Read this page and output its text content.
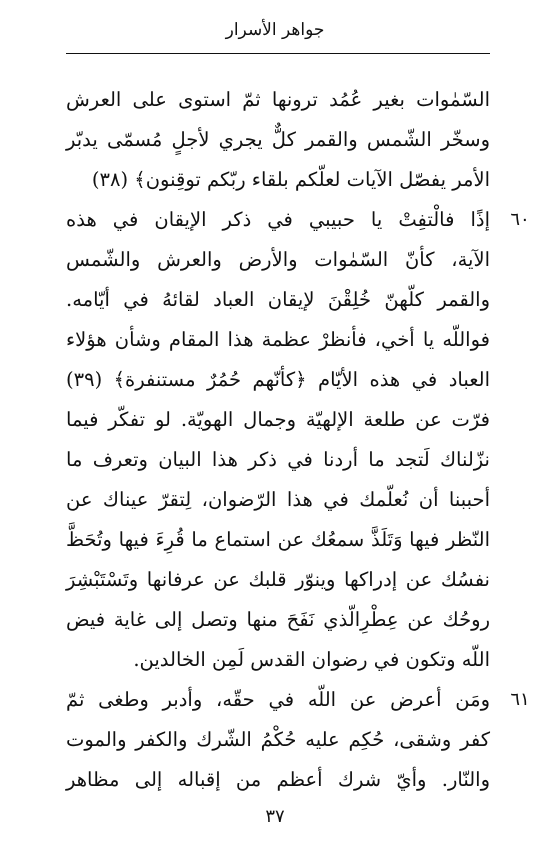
جواهر الأسرار
السّمٰوات بغير عُمُد ترونها ثمّ استوى على العرش
وسخّر الشّمس والقمر كلٌّ يجري لأجلٍ مُسمّى يدبّر
الأمر يفصّل الآيات لعلّكم بلقاء ربّكم توقِنون﴾ (٣٨)
٦٠
إذًا فالْتفِتْ يا حبيبي في ذكر الإيقان في هذه
الآية، كأنّ السّمٰوات والأرض والعرش والشّمس
والقمر كلّهنّ خُلِقْنَ لإيقان العباد لقائهُ في أيّامه.
فواللّه يا أخي، فأنظرْ عظمة هذا المقام وشأن هؤلاء
العباد في هذه الأيّام ﴿كأنّهم حُمُرٌ مستنفرة﴾ (٣٩)
فرّت عن طلعة الإلهيّة وجمال الهويّة. لو تفكّر فيما
نزّلناك لَتجد ما أردنا في ذكر هذا البيان وتعرف ما
أحببنا أن نُعلّمك في هذا الرّضوان، لِتقرّ عيناك عن
النّظر فيها وَتَلَذَّ سمعُك عن استماع ما قُرِءَ فيها وتُحَظَّ
نفسُك عن إدراكها وينوّر قلبك عن عرفانها وتَسْتَبْشِرَ
روحُك عن عِطْرِالّذي نَفَحَ منها وتصل إلى غاية فيض
اللّه وتكون في رضوان القدس لَمِن الخالدين.
٦١
ومَن أعرض عن اللّه في حقّه، وأدبر وطغى ثمّ
كفر وشقى، حُكِم عليه حُكْمُ الشّرك والكفر والموت
والنّار. وأيّ شرك أعظم من إقباله إلى مظاهر
٣٧
